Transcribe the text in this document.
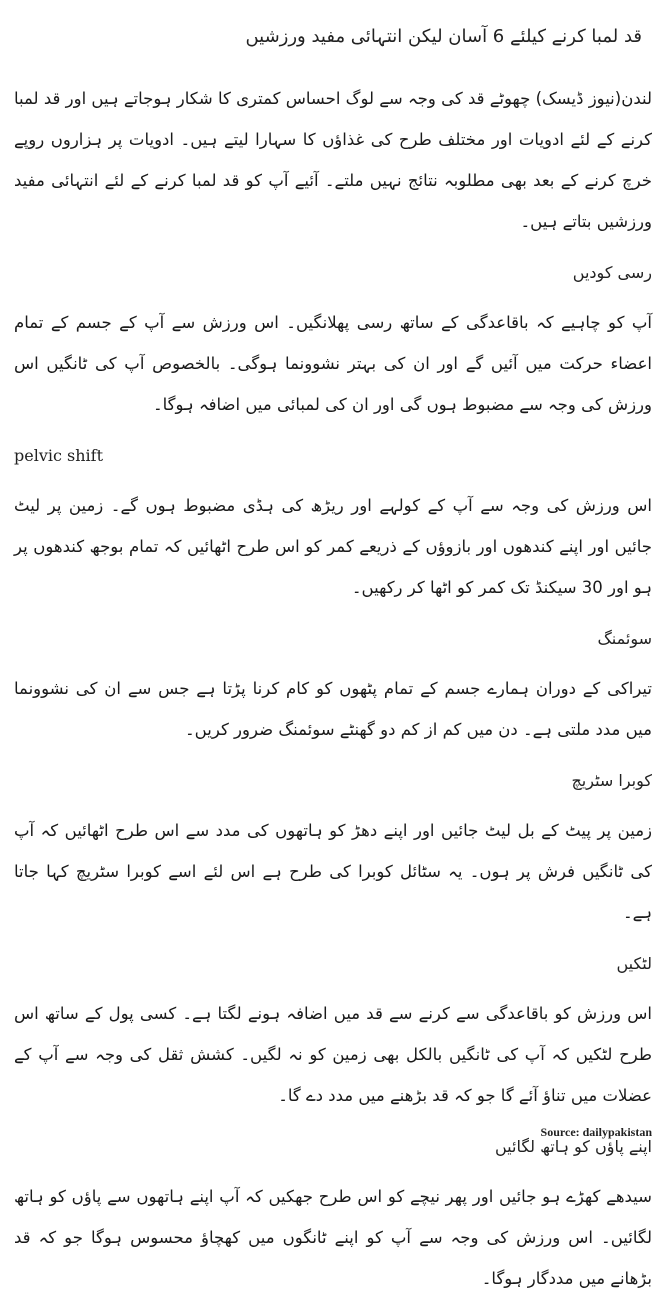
قد لمبا کرنے کیلئے 6 آسان لیکن انتہائی مفید ورزشیں

لندن(نیوز ڈیسک) چھوٹے قد کی وجہ سے لوگ احساس کمتری کا شکار ہوجاتے ہیں اور قد لمبا کرنے کے لئے ادویات اور مختلف طرح کی غذاؤں کا سہارا لیتے ہیں۔ ادویات پر ہزاروں روپے خرچ کرنے کے بعد بھی مطلوبہ نتائج نہیں ملتے۔ آئیے آپ کو قد لمبا کرنے کے لئے انتہائی مفید ورزشیں بتاتے ہیں۔

رسی کودیں

آپ کو چاہیے کہ باقاعدگی کے ساتھ رسی پھلانگیں۔ اس ورزش سے آپ کے جسم کے تمام اعضاء حرکت میں آئیں گے اور ان کی بہتر نشوونما ہوگی۔ بالخصوص آپ کی ٹانگیں اس ورزش کی وجہ سے مضبوط ہوں گی اور ان کی لمبائی میں اضافہ ہوگا۔

pelvic shift

اس ورزش کی وجہ سے آپ کے کولہے اور ریڑھ کی ہڈی مضبوط ہوں گے۔ زمین پر لیٹ جائیں اور اپنے کندھوں اور بازوؤں کے ذریعے کمر کو اس طرح اٹھائیں کہ تمام بوجھ کندھوں پر ہو اور 30 سیکنڈ تک کمر کو اٹھا کر رکھیں۔

سوئمنگ

تیراکی کے دوران ہمارے جسم کے تمام پٹھوں کو کام کرنا پڑتا ہے جس سے ان کی نشوونما میں مدد ملتی ہے۔ دن میں کم از کم دو گھنٹے سوئمنگ ضرور کریں۔

کوبرا سٹریچ

زمین پر پیٹ کے بل لیٹ جائیں اور اپنے دھڑ کو ہاتھوں کی مدد سے اس طرح اٹھائیں کہ آپ کی ٹانگیں فرش پر ہوں۔ یہ سٹائل کوبرا کی طرح ہے اس لئے اسے کوبرا سٹریچ کہا جاتا ہے۔

لٹکیں

اس ورزش کو باقاعدگی سے کرنے سے قد میں اضافہ ہونے لگتا ہے۔ کسی پول کے ساتھ اس طرح لٹکیں کہ آپ کی ٹانگیں بالکل بھی زمین کو نہ لگیں۔ کشش ثقل کی وجہ سے آپ کے عضلات میں تناؤ آئے گا جو کہ قد بڑھنے میں مدد دے گا۔

اپنے پاؤں کو ہاتھ لگائیں

سیدھے کھڑے ہو جائیں اور پھر نیچے کو اس طرح جھکیں کہ آپ اپنے ہاتھوں سے پاؤں کو ہاتھ لگائیں۔ اس ورزش کی وجہ سے آپ کو اپنے ٹانگوں میں کھچاؤ محسوس ہوگا جو کہ قد بڑھانے میں مددگار ہوگا۔

Source: dailypakistan
